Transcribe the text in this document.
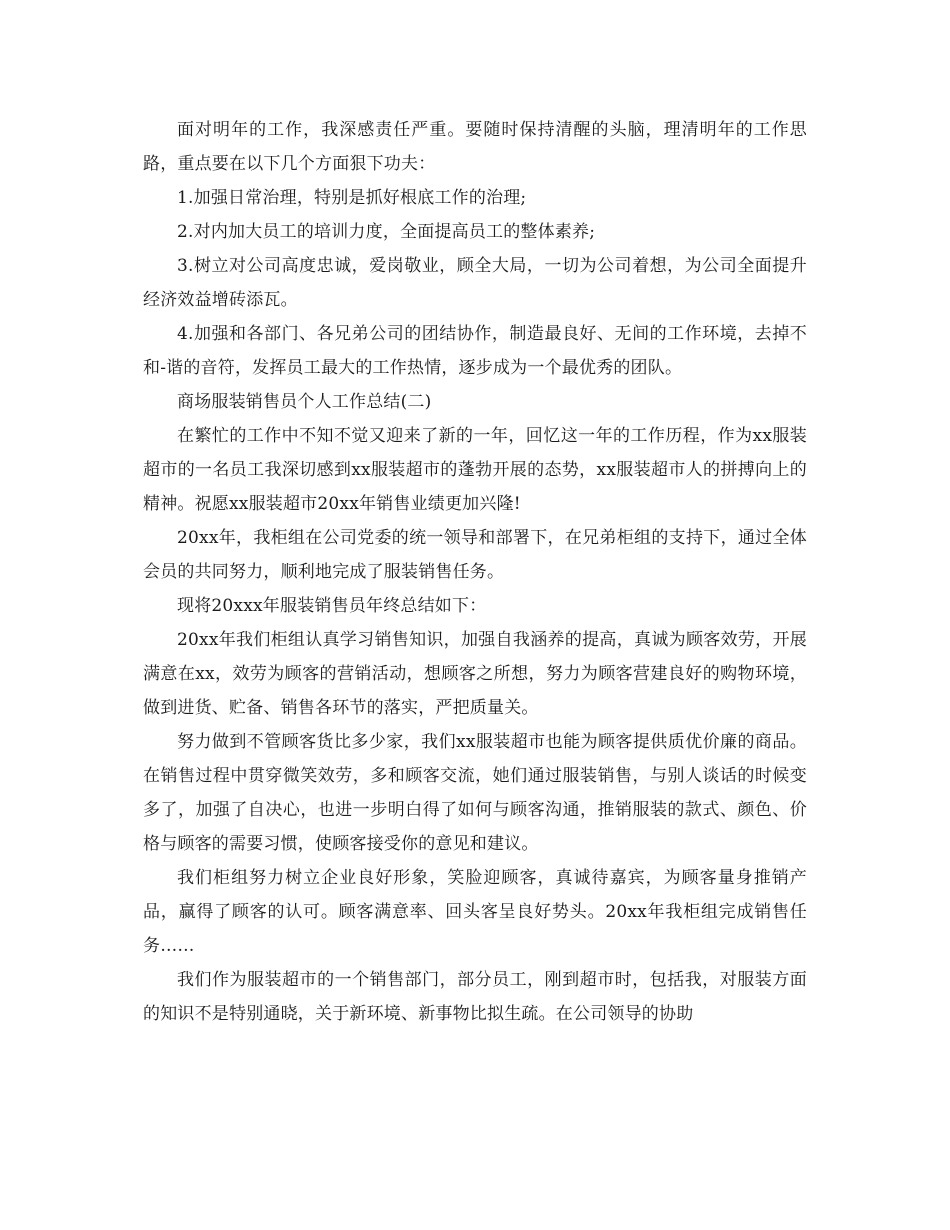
面对明年的工作，我深感责任严重。要随时保持清醒的头脑，理清明年的工作思路，重点要在以下几个方面狠下功夫：

1.加强日常治理，特别是抓好根底工作的治理;

2.对内加大员工的培训力度，全面提高员工的整体素养;

3.树立对公司高度忠诚，爱岗敬业，顾全大局，一切为公司着想，为公司全面提升经济效益增砖添瓦。

4.加强和各部门、各兄弟公司的团结协作，制造最良好、无间的工作环境，去掉不和-谐的音符，发挥员工最大的工作热情，逐步成为一个最优秀的团队。

商场服装销售员个人工作总结(二)

在繁忙的工作中不知不觉又迎来了新的一年，回忆这一年的工作历程，作为xx服装超市的一名员工我深切感到xx服装超市的蓬勃开展的态势，xx服装超市人的拼搏向上的精神。祝愿xx服装超市20xx年销售业绩更加兴隆!

20xx年，我柜组在公司党委的统一领导和部署下，在兄弟柜组的支持下，通过全体会员的共同努力，顺利地完成了服装销售任务。

现将20xxx年服装销售员年终总结如下：

20xx年我们柜组认真学习销售知识，加强自我涵养的提高，真诚为顾客效劳，开展满意在xx，效劳为顾客的营销活动，想顾客之所想，努力为顾客营建良好的购物环境，做到进货、贮备、销售各环节的落实，严把质量关。

努力做到不管顾客货比多少家，我们xx服装超市也能为顾客提供质优价廉的商品。在销售过程中贯穿微笑效劳，多和顾客交流，她们通过服装销售，与别人谈话的时候变多了，加强了自决心，也进一步明白得了如何与顾客沟通，推销服装的款式、颜色、价格与顾客的需要习惯，使顾客接受你的意见和建议。

我们柜组努力树立企业良好形象，笑脸迎顾客，真诚待嘉宾，为顾客量身推销产品，赢得了顾客的认可。顾客满意率、回头客呈良好势头。20xx年我柜组完成销售任务……

我们作为服装超市的一个销售部门，部分员工，刚到超市时，包括我，对服装方面的知识不是特别通晓，关于新环境、新事物比拟生疏。在公司领导的协助
